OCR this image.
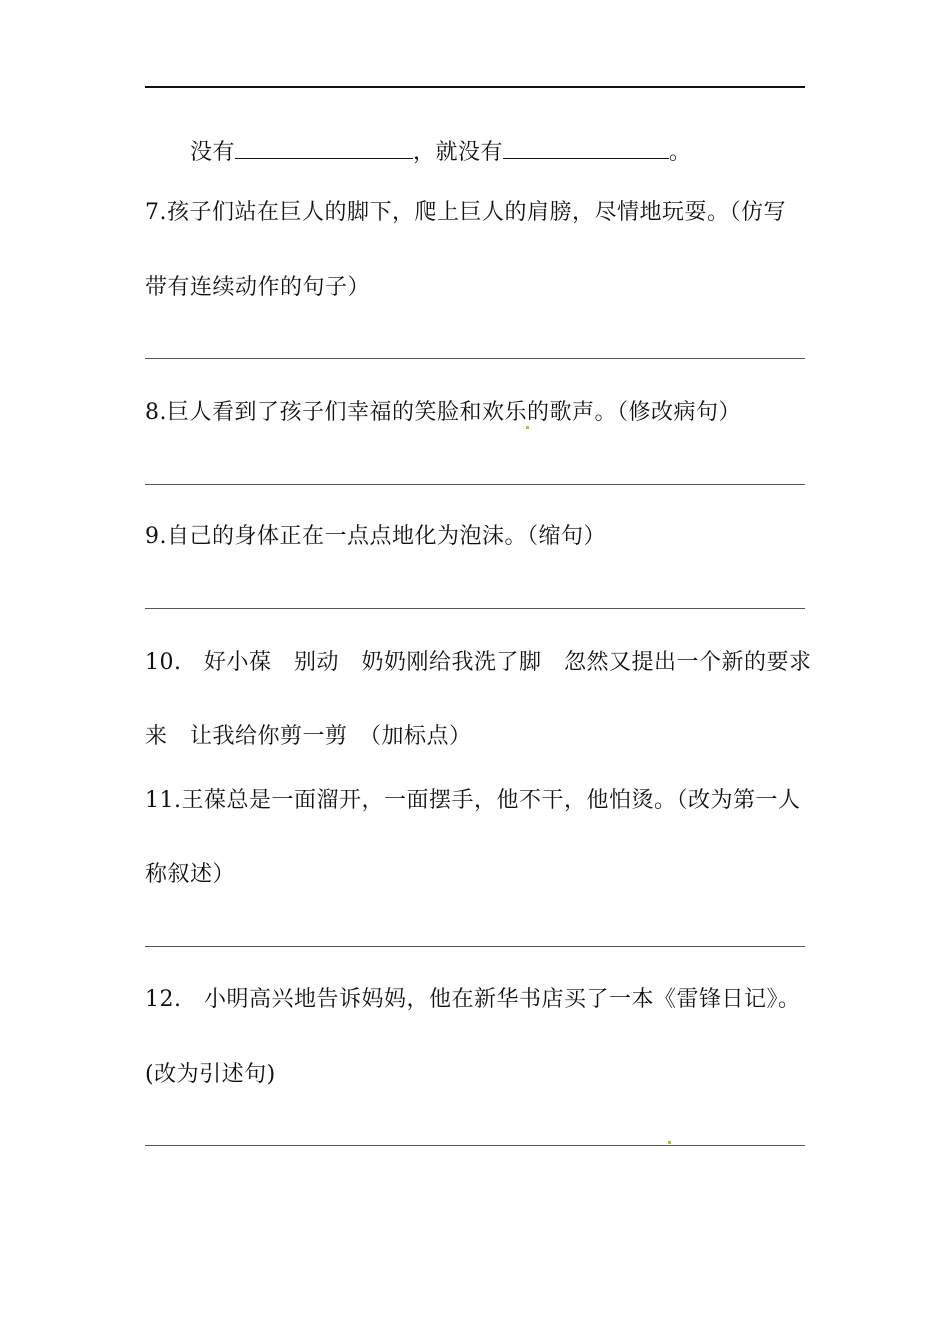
没有	，就没有	。
7.孩子们站在巨人的脚下，爬上巨人的肩膀，尽情地玩耍。（仿写
带有连续动作的句子）
8.巨人看到了孩子们幸福的笑脸和欢乐的歌声。（修改病句）
9.自己的身体正在一点点地化为泡沫。（缩句）
10.　好小葆　别动　奶奶刚给我洗了脚　忽然又提出一个新的要求
来　让我给你剪一剪　（加标点）
11.王葆总是一面溜开，一面摆手，他不干，他怕烫。（改为第一人
称叙述）
12.　小明高兴地告诉妈妈，他在新华书店买了一本《雷锋日记》。
(改为引述句)
